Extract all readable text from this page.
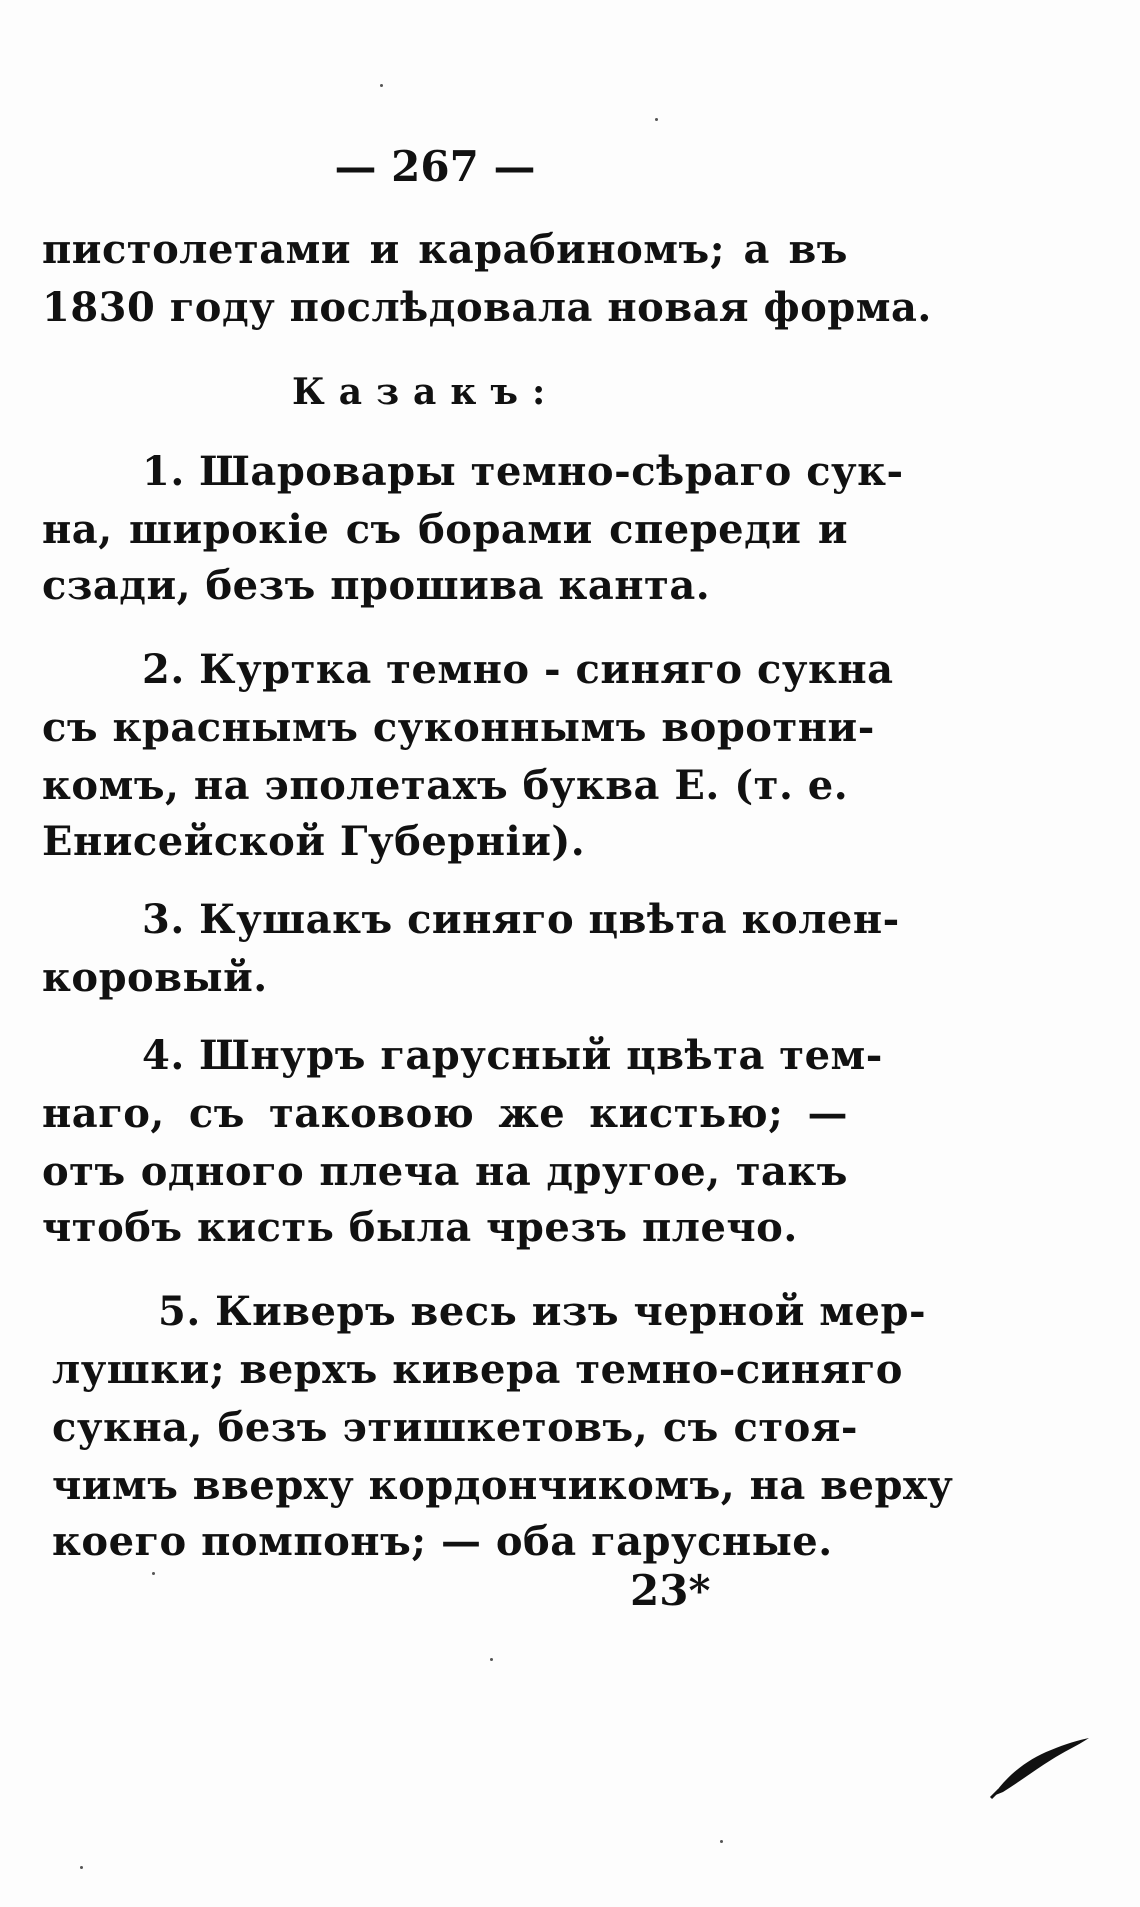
— 267 —
пистолетами и карабиномъ; а въ
1830 году послѣдовала новая форма.
Казакъ:
1. Шаровары темно-сѣраго сук-
на, широкіе съ борами спереди и
сзади, безъ прошива канта.
2. Куртка темно - синяго сукна
съ краснымъ суконнымъ воротни-
комъ, на эполетахъ буква Е. (т. е.
Енисейской Губерніи).
3. Кушакъ синяго цвѣта колен-
коровый.
4. Шнуръ гарусный цвѣта тем-
наго, съ таковою же кистью; —
отъ одного плеча на другое, такъ
чтобъ кисть была чрезъ плечо.
5. Киверъ весь изъ черной мер-
лушки; верхъ кивера темно-синяго
сукна, безъ этишкетовъ, съ стоя-
чимъ вверху кордончикомъ, на верху
коего помпонъ; — оба гарусные.
23*
